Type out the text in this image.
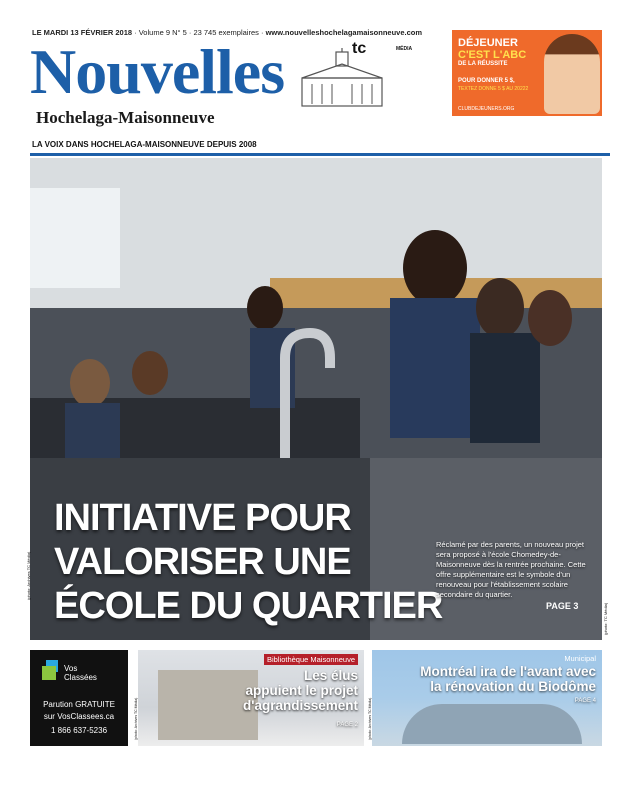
LE MARDI 13 FÉVRIER 2018 · Volume 9 N° 5 · 23 745 exemplaires · www.nouvelleshochelagamaisonneuve.com
Nouvelles
Hochelaga-Maisonneuve
tc	MÉDIA
LA VOIX DANS HOCHELAGA-MAISONNEUVE DEPUIS 2008
DÉJEUNER
C'EST L'ABC
DE LA RÉUSSITE
POUR DONNER 5 $,
TEXTEZ DONNE 5 $ AU 20222
CLUBDEJEUNERS.ORG
INITIATIVE POUR
VALORISER UNE
ÉCOLE DU QUARTIER
Réclamé par des parents, un nouveau projet sera proposé à l'école Chomedey-de-Maisonneuve dès la rentrée prochaine. Cette offre supplémentaire est le symbole d'un renouveau pour l'établissement scolaire secondaire du quartier.
PAGE 3
(photo: Archives TC Média)
(photo: TC Média)
Vos
Classées
Parution GRATUITE
sur VosClassees.ca
1 866 637-5236
Bibliothèque Maisonneuve
Les élus
appuient le projet
d'agrandissement
PAGE 2
(photo: Archives TC Média)
Municipal
Montréal ira de l'avant avec
la rénovation du Biodôme
PAGE 4
(photo: Archives TC Média)
